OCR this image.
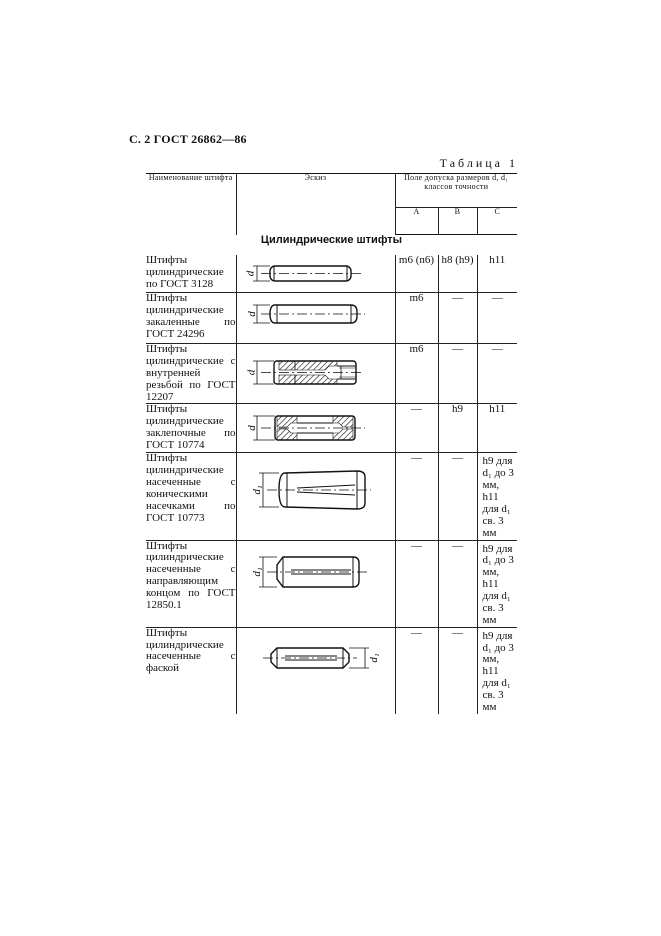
С. 2 ГОСТ 26862—86
Таблица 1
Наименование штифта	Эскиз	Поле допуска размеров d, d₁ классов точности		
		А	В	С
Цилиндрические штифты				
Штифты цилиндрические по ГОСТ 3128	d	m6 (n6)	h8 (h9)	h11
Штифты цилиндрические закаленные по ГОСТ 24296	d	m6	—	—
Штифты цилиндрические с внутренней резьбой по ГОСТ 12207	d	m6	—	—
Штифты цилиндрические заклепочные по ГОСТ 10774	d	—	h9	h11
Штифты цилиндрические насеченные с коническими насечками по ГОСТ 10773	d₁	—	—	h9 для d₁ до 3 мм, h11 для d₁ св. 3 мм
Штифты цилиндрические насеченные с направляющим концом по ГОСТ 12850.1	d₁	—	—	h9 для d₁ до 3 мм, h11 для d₁ св. 3 мм
Штифты цилиндрические насеченные с фаской	d₁	—	—	h9 для d₁ до 3 мм, h11 для d₁ св. 3 мм
